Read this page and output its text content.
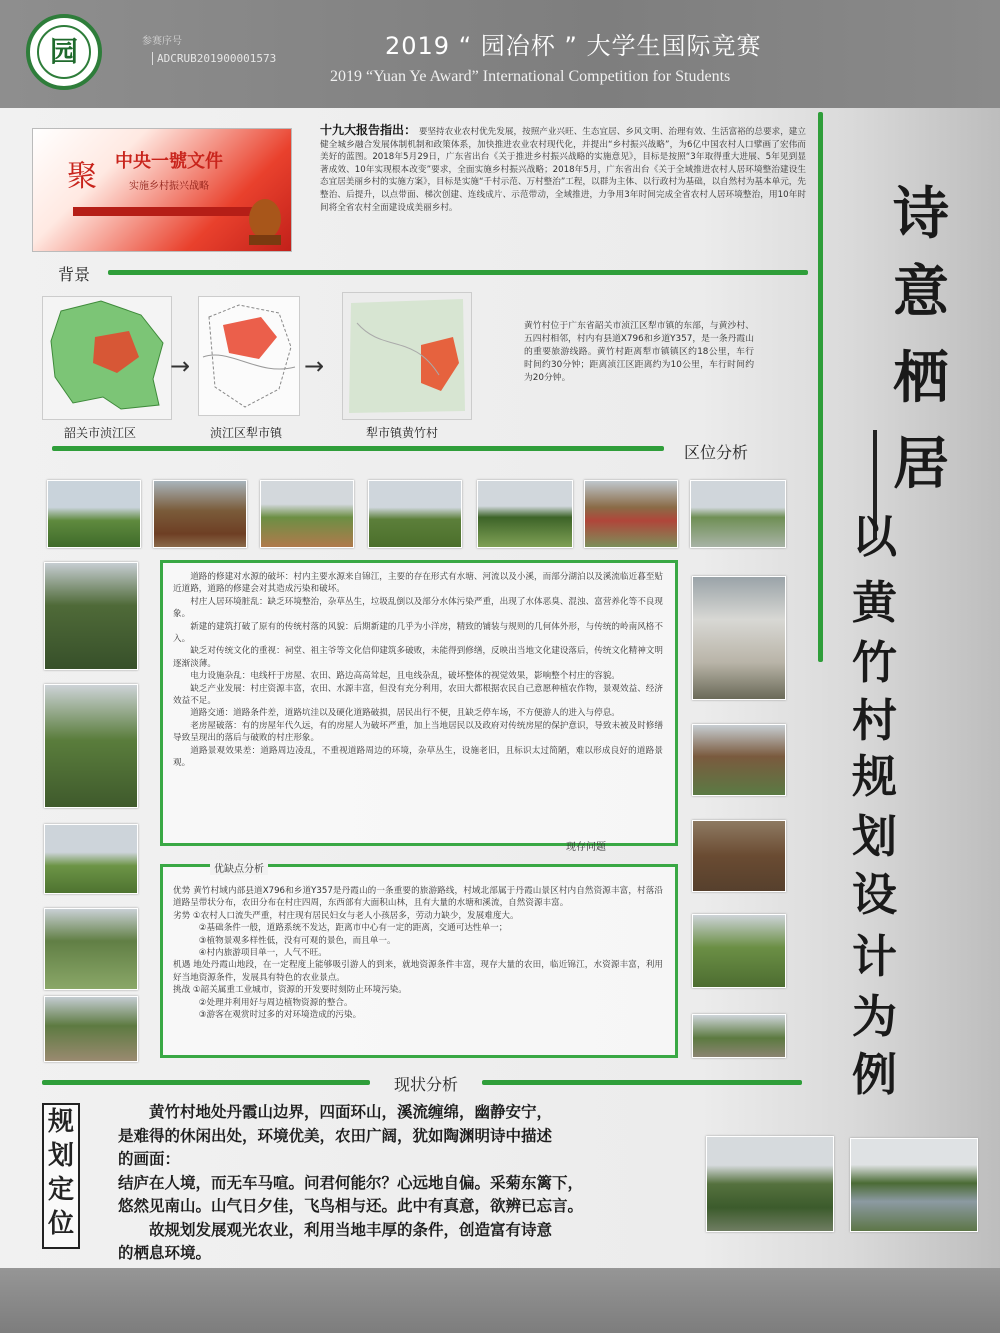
园	参赛序号
ADCRUB201900001573	2019 “ 园冶杯 ” 大学生国际竞赛
2019 “Yuan Ye Award” International Competition for Students
聚	中央一號文件
实施乡村振兴战略
十九大报告指出： 要坚持农业农村优先发展，按照产业兴旺、生态宜居、乡风文明、治理有效、生活富裕的总要求，建立健全城乡融合发展体制机制和政策体系，加快推进农业农村现代化，并提出“乡村振兴战略”，为6亿中国农村人口擘画了宏伟而美好的蓝图。2018年5月29日，广东省出台《关于推进乡村振兴战略的实施意见》，目标是按照“3年取得重大进展、5年见到显著成效、10年实现根本改变”要求，全面实施乡村振兴战略；2018年5月，广东省出台《关于全域推进农村人居环境整治建设生态宜居美丽乡村的实施方案》，目标是实施“千村示范、万村整治”工程，以群为主体、以行政村为基础，以自然村为基本单元，先整治、后提升，以点带面、梯次创建、连线成片、示范带动，全域推进，力争用3年时间完成全省农村人居环境整治，用10年时间将全省农村全面建设成美丽乡村。
背景
韶关市浈江区
→
浈江区犁市镇
→
犁市镇黄竹村
黄竹村位于广东省韶关市浈江区犁市镇的东部，与黄沙村、五四村相邻，村内有县道X796和乡道Y357，是一条丹霞山的重要旅游线路。黄竹村距离犁市镇镇区约18公里，车行时间约30分钟；距离浈江区距离约为10公里，车行时间约为20分钟。
区位分析
道路的修建对水源的破坏：村内主要水源来自锦江，主要的存在形式有水塘、河流以及小溪，而部分湖泊以及溪流临近暮至贴近道路，道路的修建会对其造成污染和破坏。
村庄人居环境脏乱：缺乏环境整治，杂草丛生，垃圾乱倒以及部分水体污染严重，出现了水体恶臭、混浊、富营养化等不良现象。
新建的建筑打破了原有的传统村落的风貌：后期新建的几乎为小洋房，精致的铺装与规则的几何体外形，与传统的岭南风格不入。
缺乏对传统文化的重视：祠堂、祖主爷等文化信仰建筑多破败，未能得到修缮，反映出当地文化建设落后，传统文化精神文明逐渐淡薄。
电力设施杂乱：电线杆于房屋、农田、路边高高耸起，且电线杂乱，破坏整体的视觉效果，影响整个村庄的容貌。
缺乏产业发展：村庄资源丰富，农田、水源丰富，但没有充分利用，农田大都根据农民自己意愿种植农作物，景观效益、经济效益不足。
道路交通：道路条件差，道路坑洼以及硬化道路破损，居民出行不便，且缺乏停车场，不方便游人的进入与停息。
老房屋破落：有的房屋年代久远，有的房屋人为破坏严重，加上当地居民以及政府对传统房屋的保护意识，导致未被及时修缮导致呈现出的落后与破败的村庄形象。
道路景观效果差：道路周边凌乱，不重视道路周边的环境，杂草丛生，设施老旧，且标识太过简陋，难以形成良好的道路景观。
现存问题
优势 黄竹村域内部县道X796和乡道Y357是丹霞山的一条重要的旅游路线，村域北部属于丹霞山景区村内自然资源丰富，村落沿道路呈带状分布，农田分布在村庄四周，东西部有大面积山林，且有大量的水塘和溪流，自然资源丰富。
劣势 ①农村人口流失严重，村庄现有居民妇女与老人小孩居多，劳动力缺少，发展难度大。
②基础条件一般，道路系统不发达，距离市中心有一定的距离，交通可达性单一；
③植物景观多样性低，没有可观的景色，而且单一。
④村内旅游项目单一，人气不旺。
机遇 地处丹霞山地段，在一定程度上能够吸引游人的到来，就地资源条件丰富，现存大量的农田，临近锦江，水资源丰富，利用好当地资源条件，发展具有特色的农业景点。
挑战 ①韶关属重工业城市，资源的开发要时刻防止环境污染。
②处理并利用好与周边植物资源的整合。
③游客在观赏时过多的对环境造成的污染。
优缺点分析
现状分析
诗
意
栖
居
以
黄
竹
村
规
划
设
计
为
例
规
划
定
位
　　黄竹村地处丹霞山边界，四面环山，溪流缠绵，幽静安宁，
是难得的休闲出处，环境优美，农田广阔，犹如陶渊明诗中描述
的画面：
结庐在人境，而无车马喧。问君何能尔？心远地自偏。采菊东篱下，
悠然见南山。山气日夕佳，飞鸟相与还。此中有真意，欲辨已忘言。
　　故规划发展观光农业，利用当地丰厚的条件，创造富有诗意
的栖息环境。
